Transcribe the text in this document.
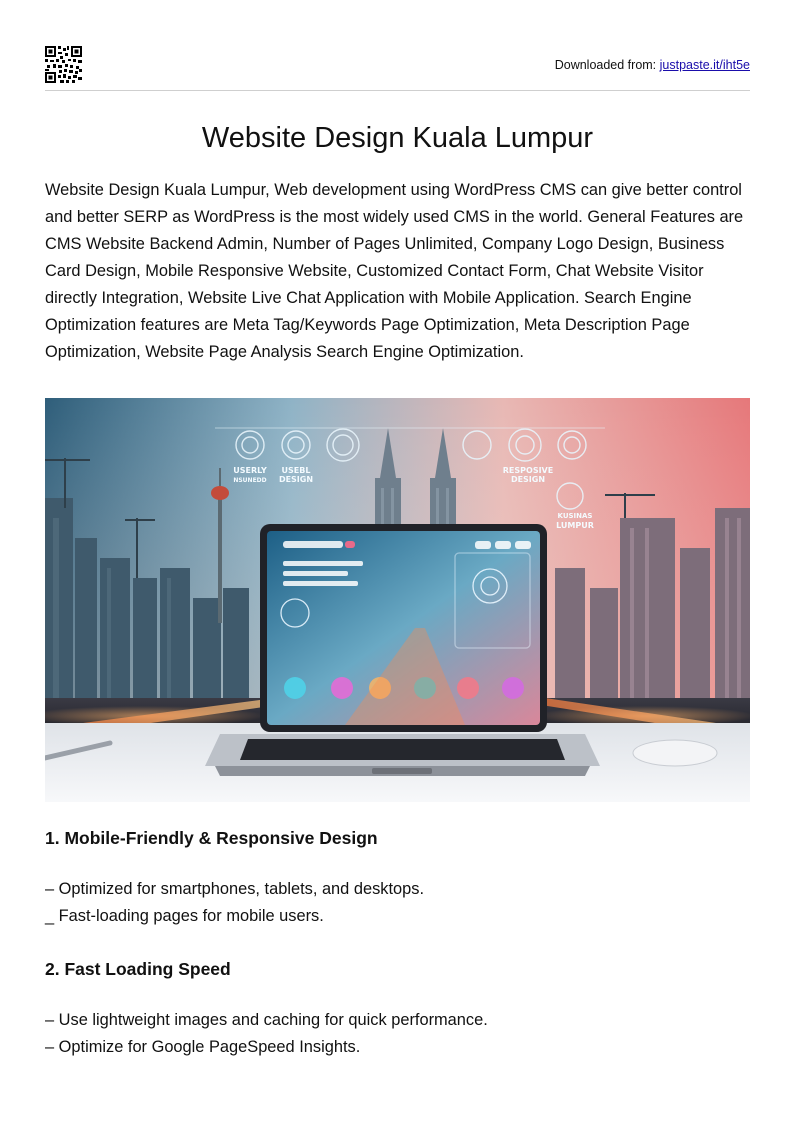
Downloaded from: justpaste.it/iht5e
Website Design Kuala Lumpur

Website Design Kuala Lumpur, Web development using WordPress CMS can give better control and better SERP as WordPress is the most widely used CMS in the world. General Features are CMS Website Backend Admin, Number of Pages Unlimited, Company Logo Design, Business Card Design, Mobile Responsive Website, Customized Contact Form, Chat Website Visitor directly Integration, Website Live Chat Application with Mobile Application. Search Engine Optimization features are Meta Tag/Keywords Page Optimization, Meta Description Page Optimization, Website Page Analysis Search Engine Optimization.

USERLY
NSUNEDD
USEBL
DESIGN
RESPOSIVE
DESIGN
KUSINAS
LUMPUR
1. Mobile-Friendly & Responsive Design
– Optimized for smartphones, tablets, and desktops.
_ Fast-loading pages for mobile users.
2. Fast Loading Speed
– Use lightweight images and caching for quick performance.
– Optimize for Google PageSpeed Insights.
